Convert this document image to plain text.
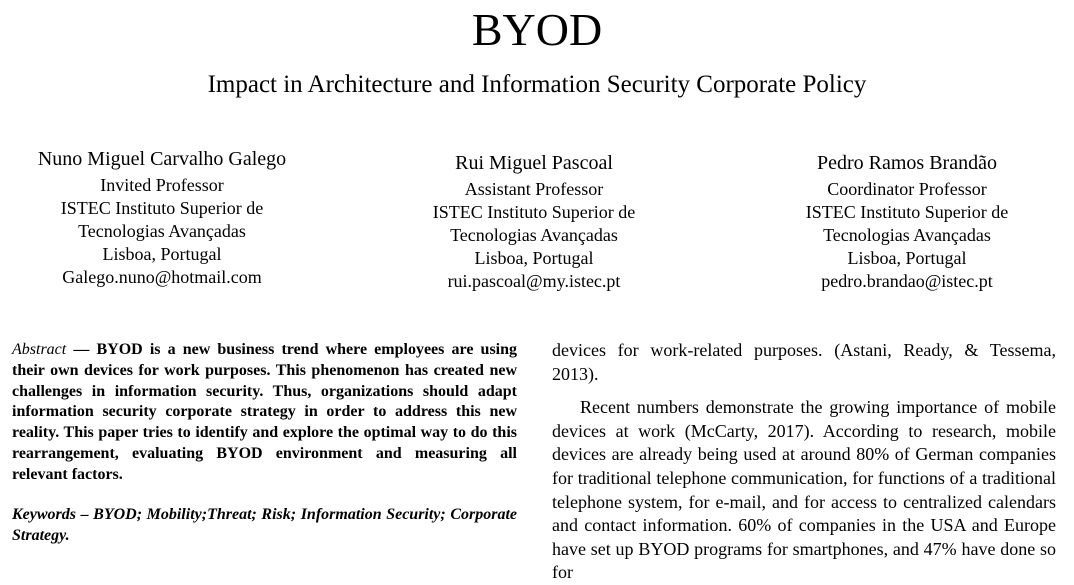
BYOD
Impact in Architecture and Information Security Corporate Policy
Nuno Miguel Carvalho Galego
Invited Professor
ISTEC Instituto Superior de
Tecnologias Avançadas
Lisboa, Portugal
Galego.nuno@hotmail.com
Rui Miguel Pascoal
Assistant Professor
ISTEC Instituto Superior de
Tecnologias Avançadas
Lisboa, Portugal
rui.pascoal@my.istec.pt
Pedro Ramos Brandão
Coordinator Professor
ISTEC Instituto Superior de
Tecnologias Avançadas
Lisboa, Portugal
pedro.brandao@istec.pt

Abstract — BYOD is a new business trend where employees are using their own devices for work purposes. This phenomenon has created new challenges in information security. Thus, organizations should adapt information security corporate strategy in order to address this new reality. This paper tries to identify and explore the optimal way to do this rearrangement, evaluating BYOD environment and measuring all relevant factors.

Keywords – BYOD; Mobility;Threat; Risk; Information Security; Corporate Strategy.

devices for work-related purposes. (Astani, Ready, & Tessema, 2013).

Recent numbers demonstrate the growing importance of mobile devices at work (McCarty, 2017). According to research, mobile devices are already being used at around 80% of German companies for traditional telephone communication, for functions of a traditional telephone system, for e-mail, and for access to centralized calendars and contact information. 60% of companies in the USA and Europe have set up BYOD programs for smartphones, and 47% have done so for
